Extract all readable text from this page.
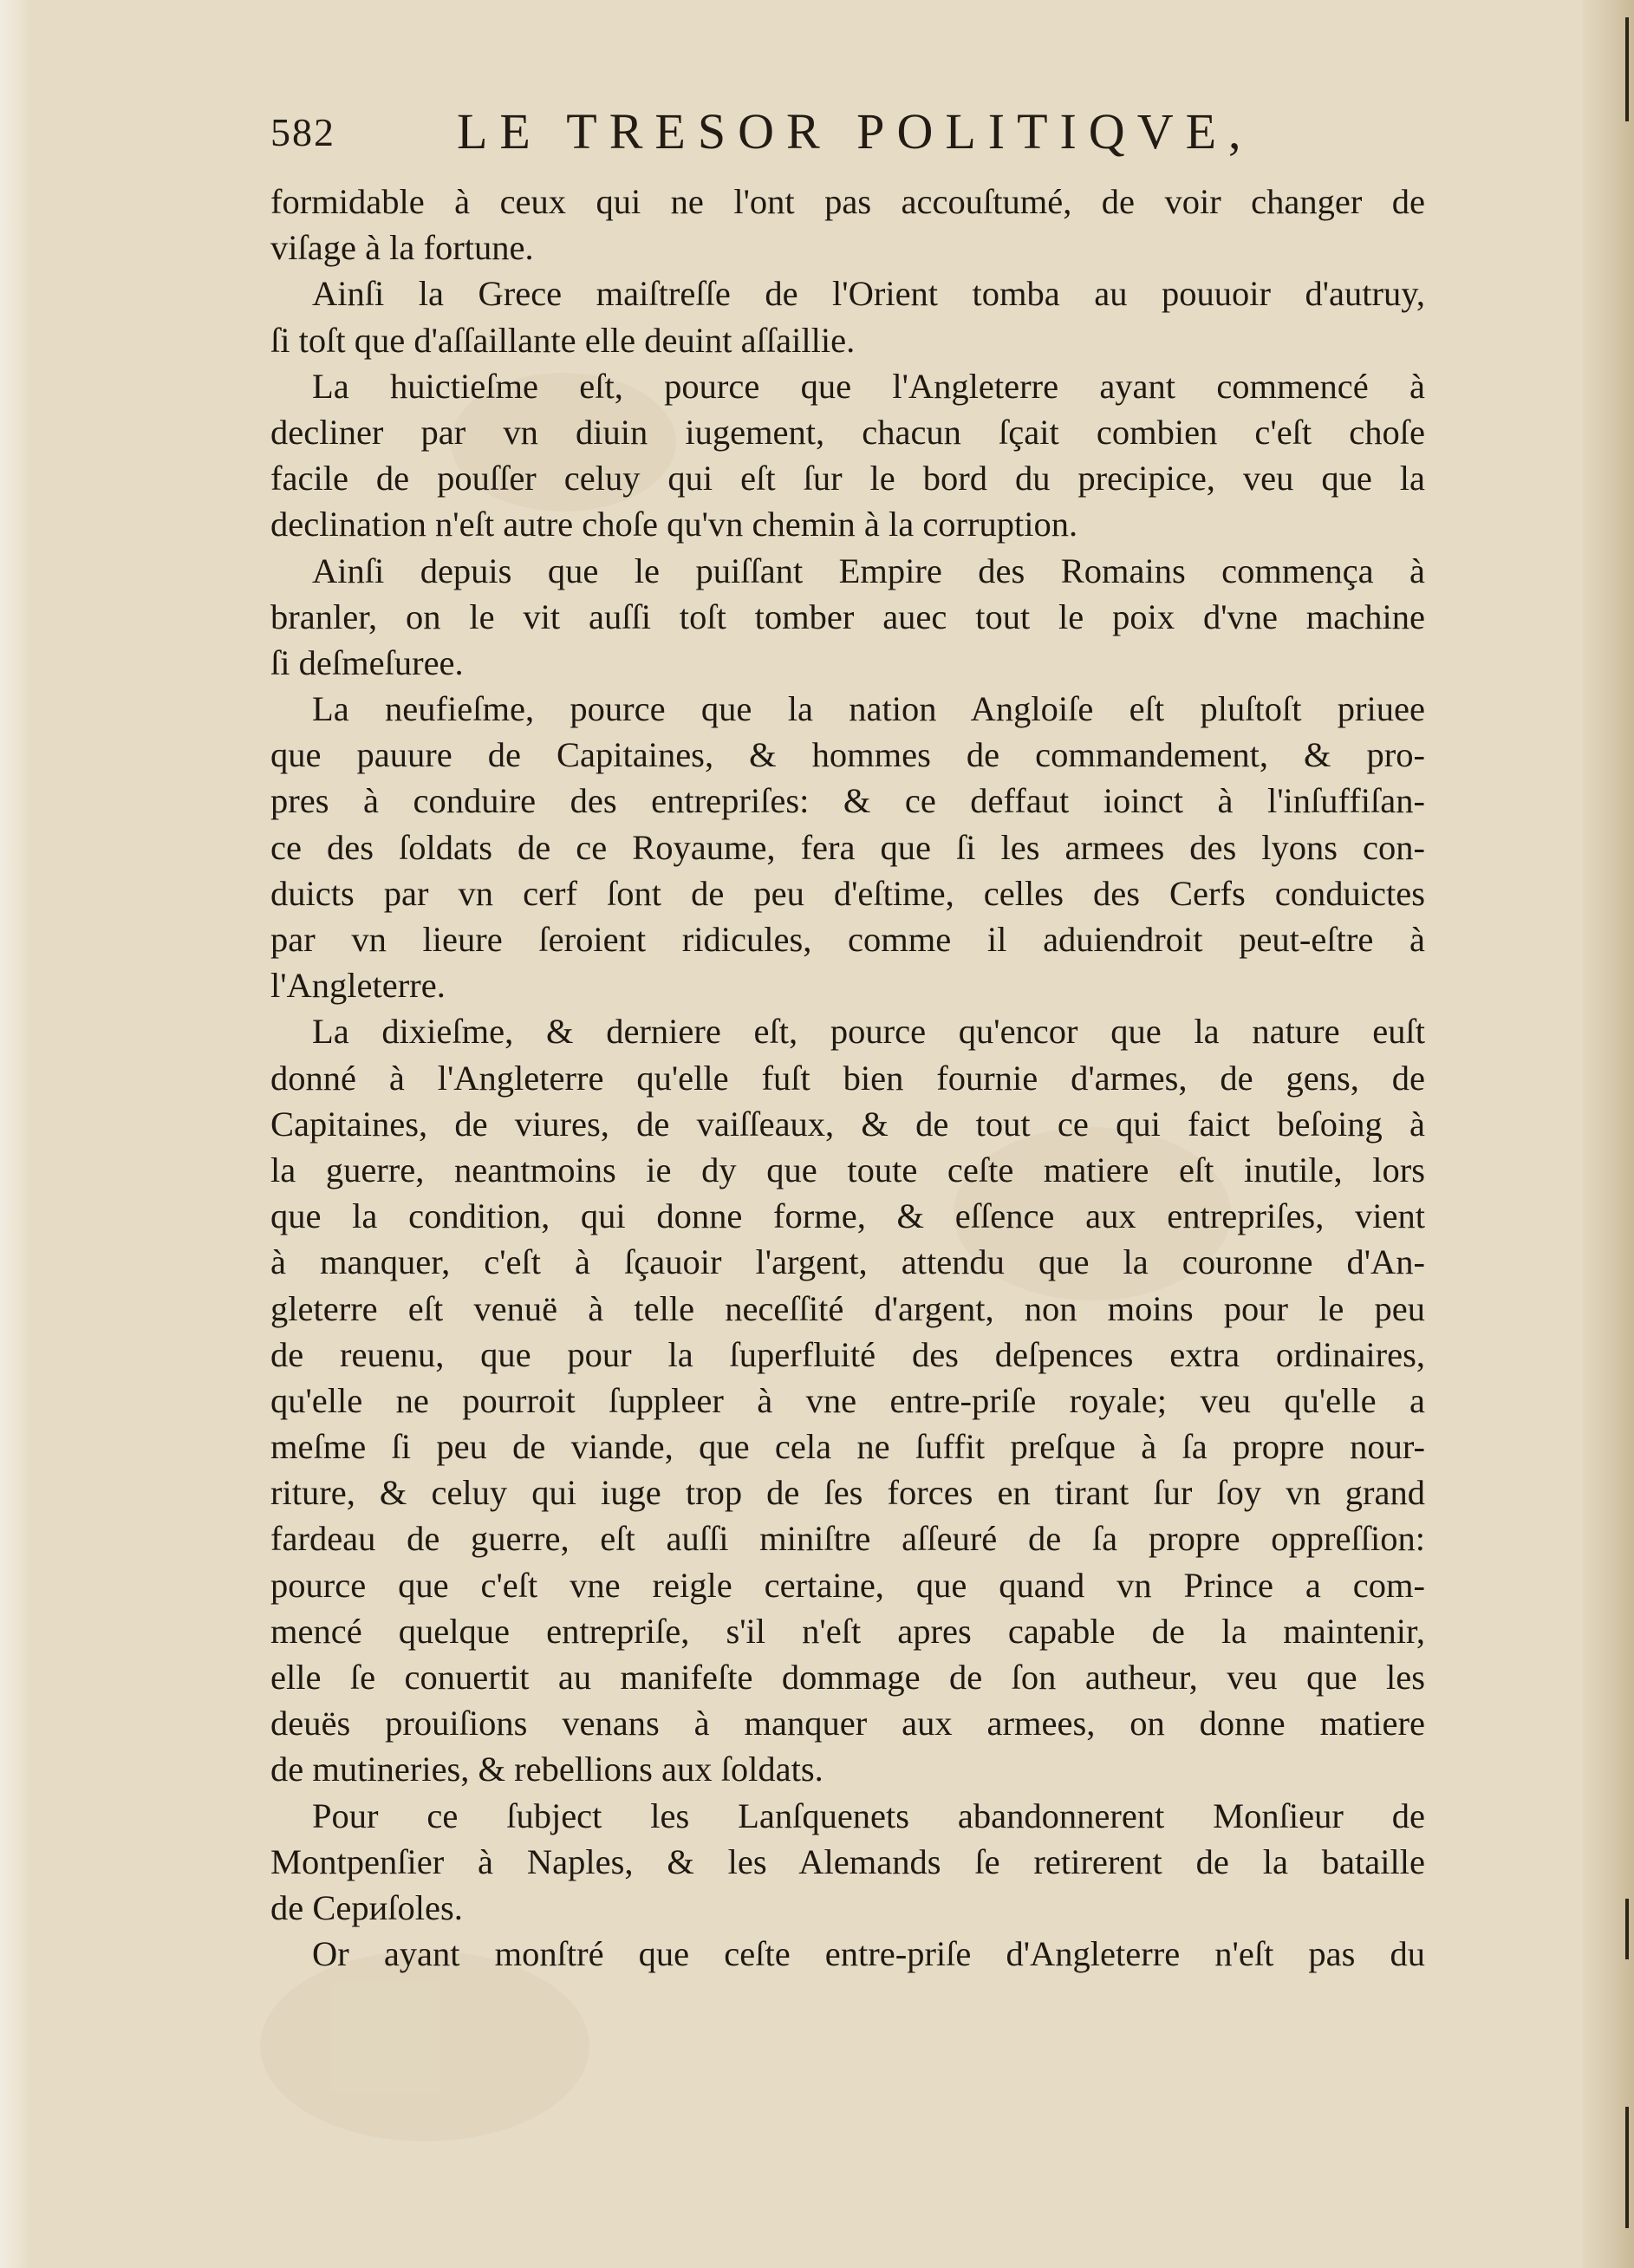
582 LE TRESOR POLITIQVE,
formidable à ceux qui ne l'ont pas accouſtumé, de voir changer de
viſage à la fortune.
Ainſi la Grece maiſtreſſe de l'Orient tomba au pouuoir d'autruy,
ſi toſt que d'aſſaillante elle deuint aſſaillie.
La huictieſme eſt, pource que l'Angleterre ayant commencé à
decliner par vn diuin iugement, chacun ſçait combien c'eſt choſe
facile de pouſſer celuy qui eſt ſur le bord du precipice, veu que la
declination n'eſt autre choſe qu'vn chemin à la corruption.
Ainſi depuis que le puiſſant Empire des Romains commença à
branler, on le vit auſſi toſt tomber auec tout le poix d'vne machine
ſi deſmeſuree.
La neufieſme, pource que la nation Angloiſe eſt pluſtoſt priuee
que pauure de Capitaines, & hommes de commandement, & pro-
pres à conduire des entrepriſes: & ce deffaut ioinct à l'inſuffiſan-
ce des ſoldats de ce Royaume, fera que ſi les armees des lyons con-
duicts par vn cerf ſont de peu d'eſtime, celles des Cerfs conduictes
par vn lieure ſeroient ridicules, comme il aduiendroit peut-eſtre à
l'Angleterre.
La dixieſme, & derniere eſt, pource qu'encor que la nature euſt
donné à l'Angleterre qu'elle fuſt bien fournie d'armes, de gens, de
Capitaines, de viures, de vaiſſeaux, & de tout ce qui faict beſoing à
la guerre, neantmoins ie dy que toute ceſte matiere eſt inutile, lors
que la condition, qui donne forme, & eſſence aux entrepriſes, vient
à manquer, c'eſt à ſçauoir l'argent, attendu que la couronne d'An-
gleterre eſt venuë à telle neceſſité d'argent, non moins pour le peu
de reuenu, que pour la ſuperfluité des deſpences extra ordinaires,
qu'elle ne pourroit ſuppleer à vne entre-priſe royale; veu qu'elle a
meſme ſi peu de viande, que cela ne ſuffit preſque à ſa propre nour-
riture, & celuy qui iuge trop de ſes forces en tirant ſur ſoy vn grand
fardeau de guerre, eſt auſſi miniſtre aſſeuré de ſa propre oppreſſion:
pource que c'eſt vne reigle certaine, que quand vn Prince a com-
mencé quelque entrepriſe, s'il n'eſt apres capable de la maintenir,
elle ſe conuertit au manifeſte dommage de ſon autheur, veu que les
deuës prouiſions venans à manquer aux armees, on donne matiere
de mutineries, & rebellions aux ſoldats.
Pour ce ſubject les Lanſquenets abandonnerent Monſieur de
Montpenſier à Naples, & les Alemands ſe retirerent de la bataille
de Cериſoles.
Or ayant monſtré que ceſte entre-priſe d'Angleterre n'eſt pas du
